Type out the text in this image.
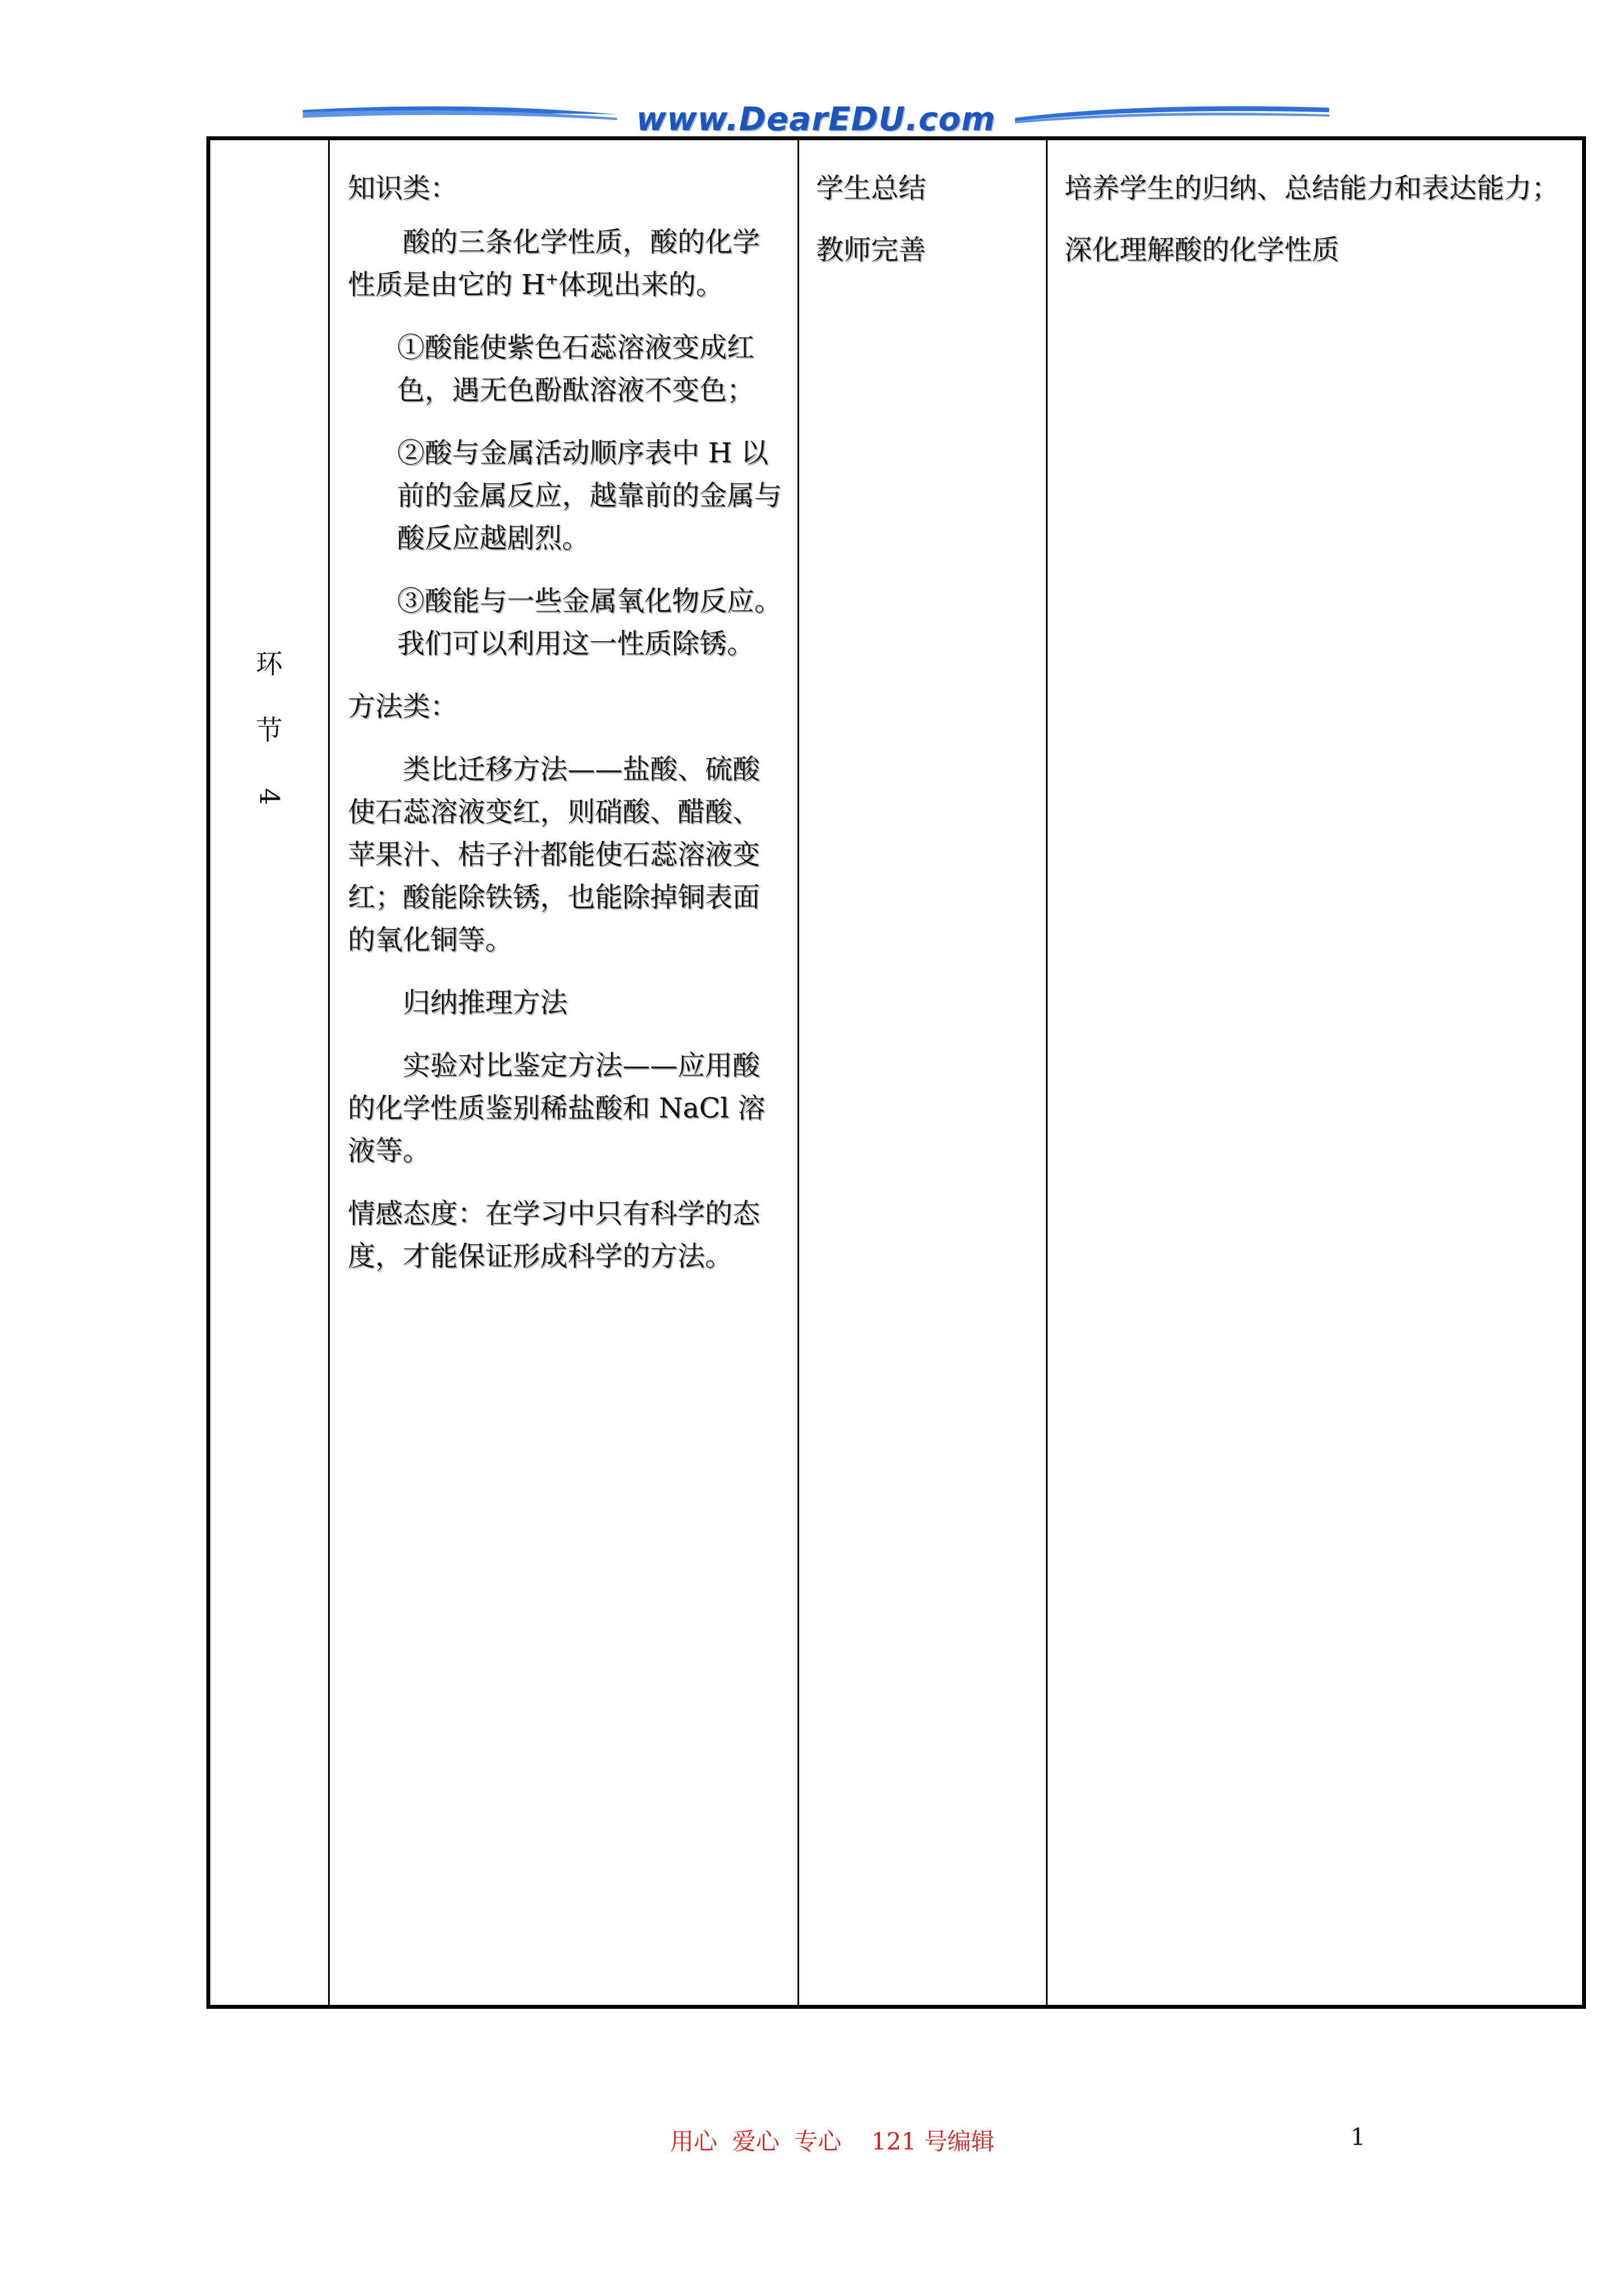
www.DearEDU.com
环
节
4

知识类：

酸的三条化学性质，酸的化学性质是由它的 H+体现出来的。

①酸能使紫色石蕊溶液变成红色，遇无色酚酞溶液不变色；

②酸与金属活动顺序表中 H 以前的金属反应，越靠前的金属与酸反应越剧烈。

③酸能与一些金属氧化物反应。我们可以利用这一性质除锈。

方法类：

类比迁移方法——盐酸、硫酸使石蕊溶液变红，则硝酸、醋酸、苹果汁、桔子汁都能使石蕊溶液变红；酸能除铁锈，也能除掉铜表面的氧化铜等。

归纳推理方法

实验对比鉴定方法——应用酸的化学性质鉴别稀盐酸和 NaCl 溶液等。

情感态度：在学习中只有科学的态度，才能保证形成科学的方法。

学生总结

教师完善

培养学生的归纳、总结能力和表达能力；

深化理解酸的化学性质

用心  爱心  专心    121 号编辑	1
